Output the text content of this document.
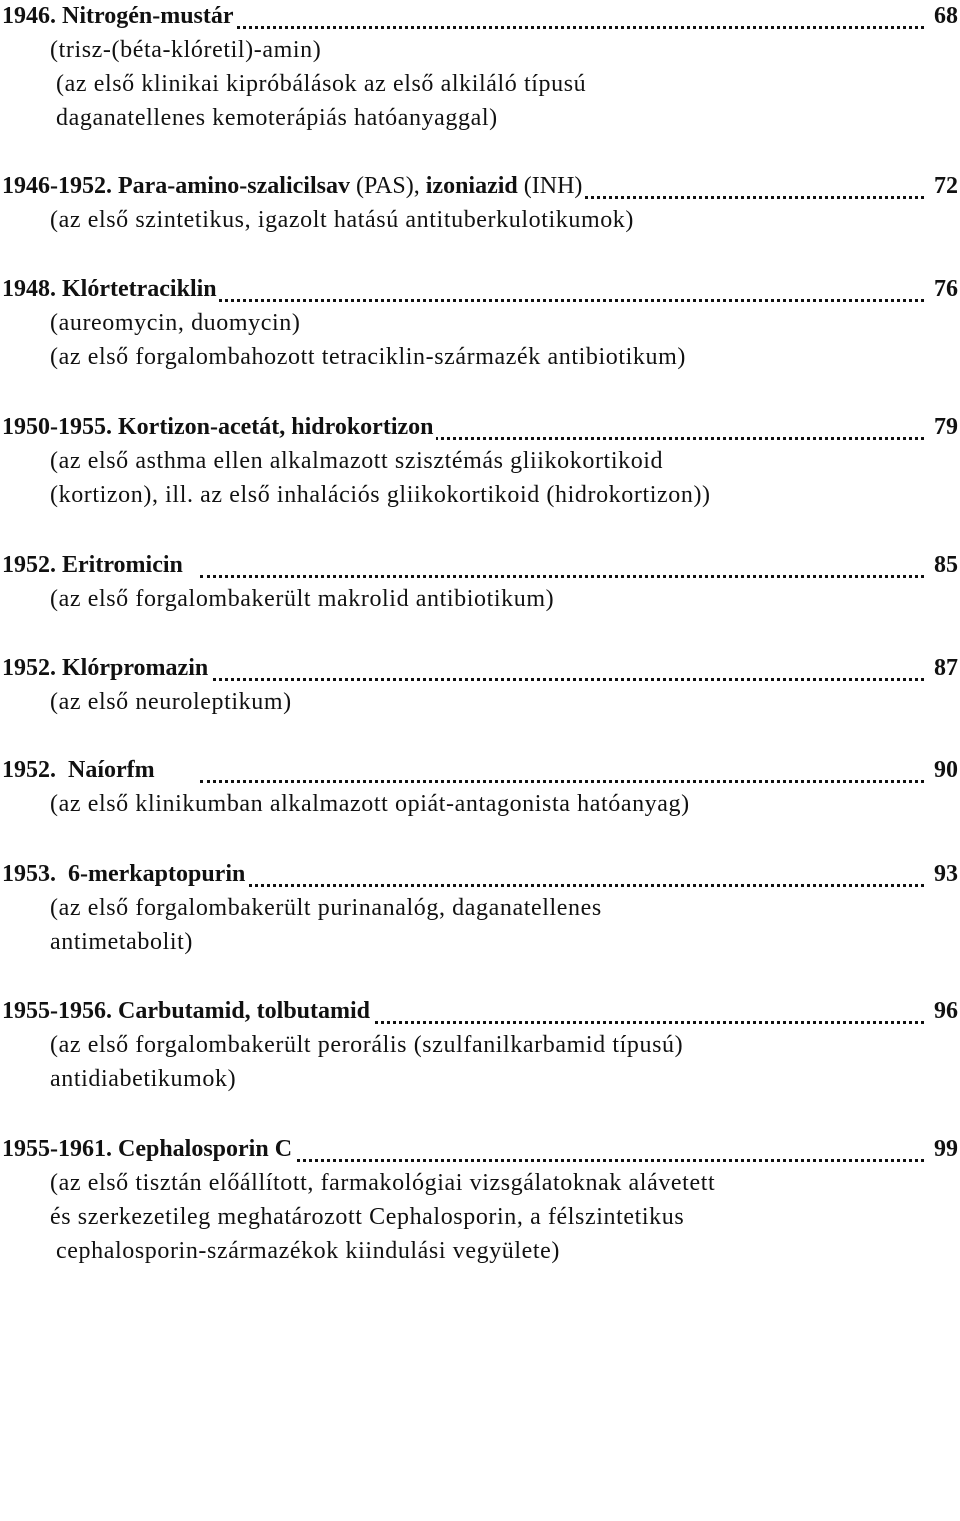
1946. Nitrogén-mustár	68
(trisz-(béta-klóretil)-amin)
(az első klinikai kipróbálások az első alkiláló típusú
daganatellenes kemoterápiás hatóanyaggal)
1946-1952. Para-amino-szalicilsav (PAS), izoniazid (INH)	72
(az első szintetikus, igazolt hatású antituberkulotikumok)
1948. Klórtetraciklin	76
(aureomycin, duomycin)
(az első forgalombahozott tetraciklin-származék antibiotikum)
1950-1955. Kortizon-acetát, hidrokortizon	79
(az első asthma ellen alkalmazott szisztémás gliikokortikoid
(kortizon), ill. az első inhalációs gliikokortikoid (hidrokortizon))
1952. Eritromicin	85
(az első forgalombakerült makrolid antibiotikum)
1952. Klórpromazin	87
(az első neuroleptikum)
1952.  Naíorfm	90
(az első klinikumban alkalmazott opiát-antagonista hatóanyag)
1953.  6-merkaptopurin	93
(az első forgalombakerült purinanalóg, daganatellenes
antimetabolit)
1955-1956. Carbutamid, tolbutamid	96
(az első forgalombakerült perorális (szulfanilkarbamid típusú)
antidiabetikumok)
1955-1961. Cephalosporin C	99
(az első tisztán előállított, farmakológiai vizsgálatoknak alávetett
és szerkezetileg meghatározott Cephalosporin, a félszintetikus
cephalosporin-származékok kiindulási vegyülete)
